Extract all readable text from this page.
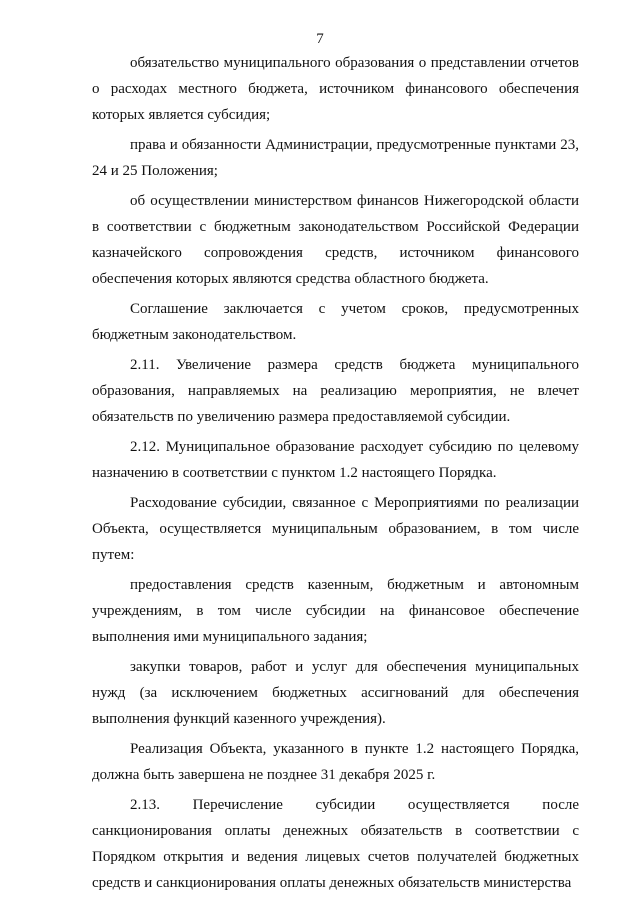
7

обязательство муниципального образования о представлении отчетов о расходах местного бюджета, источником финансового обеспечения которых является субсидия;

права и обязанности Администрации, предусмотренные пунктами 23, 24 и 25 Положения;

об осуществлении министерством финансов Нижегородской области в соответствии с бюджетным законодательством Российской Федерации казначейского сопровождения средств, источником финансового обеспечения которых являются средства областного бюджета.

Соглашение заключается с учетом сроков, предусмотренных бюджетным законодательством.

2.11. Увеличение размера средств бюджета муниципального образования, направляемых на реализацию мероприятия, не влечет обязательств по увеличению размера предоставляемой субсидии.

2.12. Муниципальное образование расходует субсидию по целевому назначению в соответствии с пунктом 1.2 настоящего Порядка.

Расходование субсидии, связанное с Мероприятиями по реализации Объекта, осуществляется муниципальным образованием, в том числе путем:

предоставления средств казенным, бюджетным и автономным учреждениям, в том числе субсидии на финансовое обеспечение выполнения ими муниципального задания;

закупки товаров, работ и услуг для обеспечения муниципальных нужд (за исключением бюджетных ассигнований для обеспечения выполнения функций казенного учреждения).

Реализация Объекта, указанного в пункте 1.2 настоящего Порядка, должна быть завершена не позднее 31 декабря 2025 г.

2.13. Перечисление субсидии осуществляется после санкционирования оплаты денежных обязательств в соответствии с Порядком открытия и ведения лицевых счетов получателей бюджетных средств и санкционирования оплаты денежных обязательств министерства
